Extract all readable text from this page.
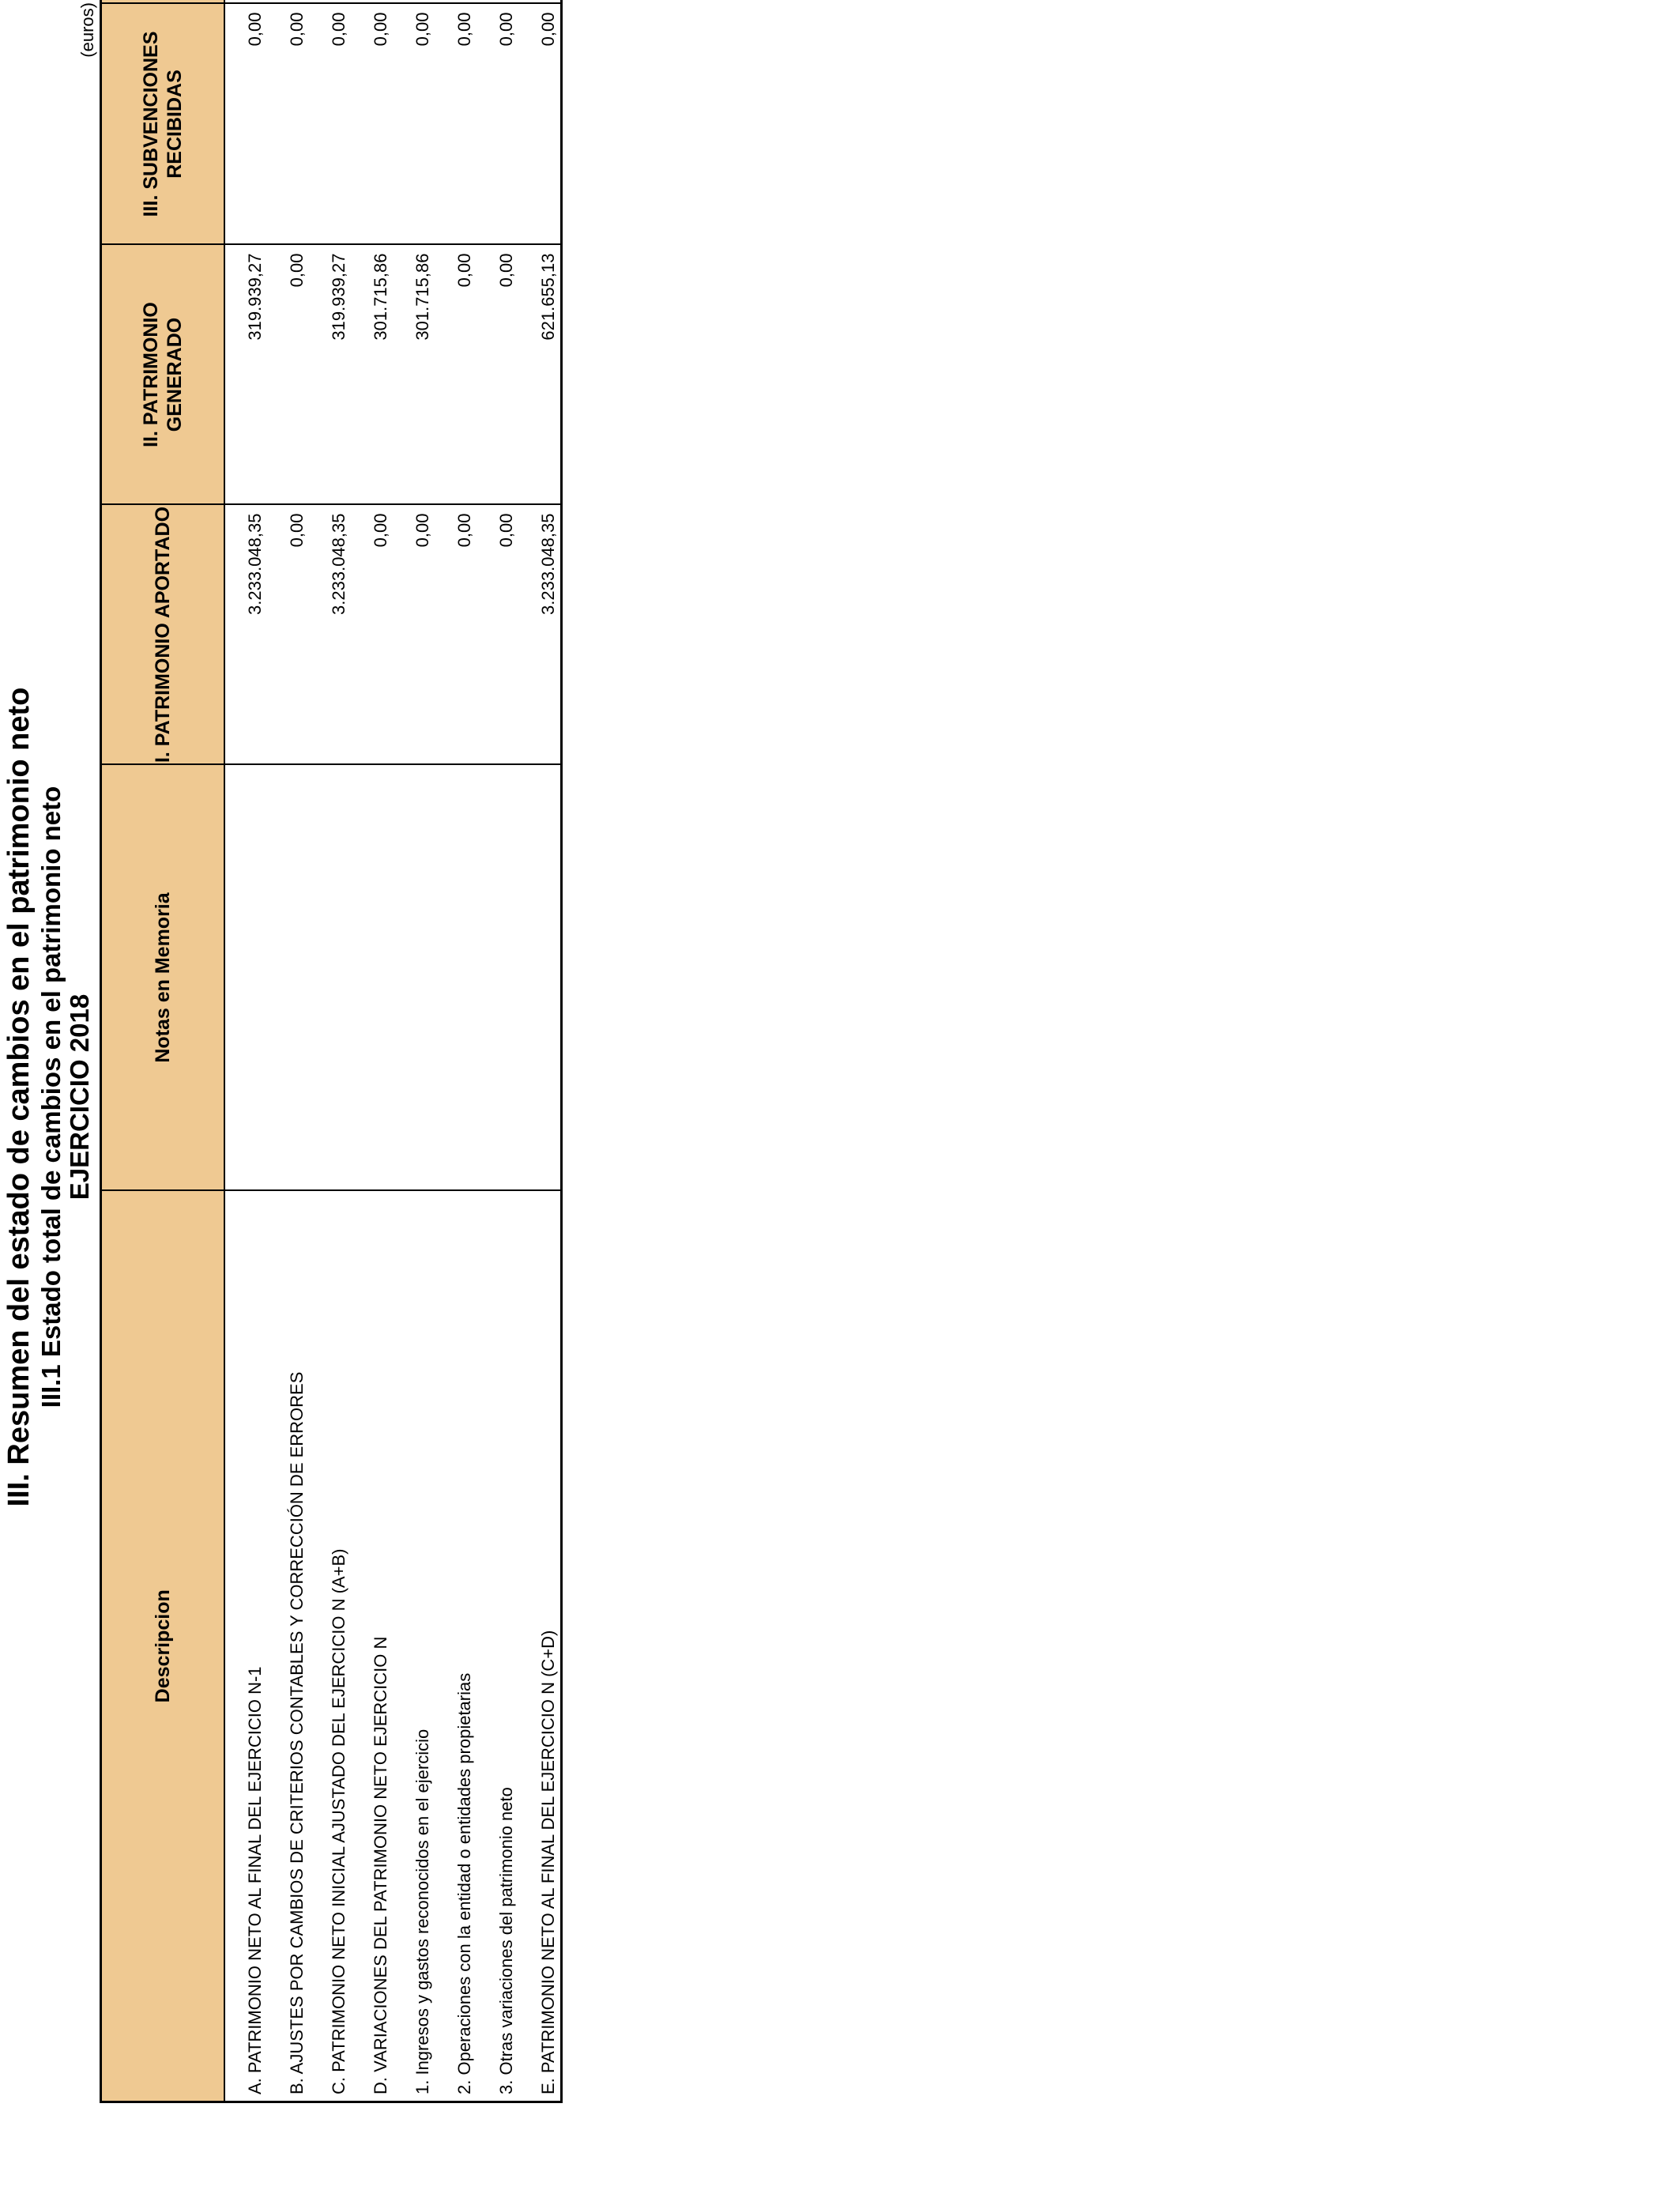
III. Resumen del estado de cambios en el patrimonio neto III.1 Estado total de cambios en el patrimonio neto EJERCICIO 2018
(euros)
Descripcion	Notas en Memoria	I. PATRIMONIO APORTADO	II. PATRIMONIO GENERADO	III. SUBVENCIONES RECIBIDAS	
A. PATRIMONIO NETO AL FINAL DEL EJERCICIO N-1		3.233.048,35	319.939,27	0,00	
B. AJUSTES POR CAMBIOS DE CRITERIOS CONTABLES Y CORRECCIÓN DE ERRORES		0,00	0,00	0,00	
C. PATRIMONIO NETO INICIAL AJUSTADO DEL EJERCICIO N (A+B)		3.233.048,35	319.939,27	0,00	
D. VARIACIONES DEL PATRIMONIO NETO EJERCICIO N		0,00	301.715,86	0,00	
1. Ingresos y gastos reconocidos en el ejercicio		0,00	301.715,86	0,00	
2. Operaciones con la entidad o entidades propietarias		0,00	0,00	0,00	
3. Otras variaciones del patrimonio neto		0,00	0,00	0,00	
E. PATRIMONIO NETO AL FINAL DEL EJERCICIO N (C+D)		3.233.048,35	621.655,13	0,00	
